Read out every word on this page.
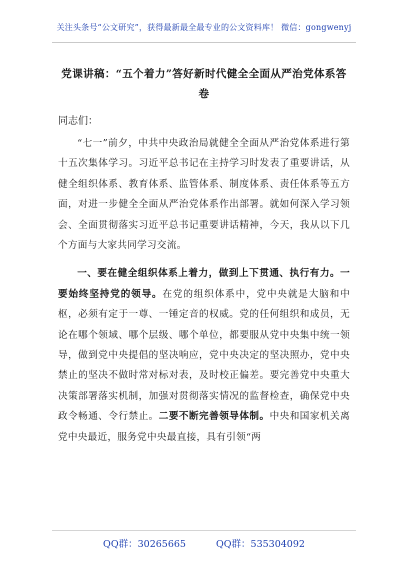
关注头条号“公文研究”，获得最新最全最专业的公文资料库！ 微信：gongwenyj
党课讲稿：“五个着力”答好新时代健全全面从严治党体系答卷
同志们：

“七一”前夕，中共中央政治局就健全全面从严治党体系进行第十五次集体学习。习近平总书记在主持学习时发表了重要讲话，从健全组织体系、教育体系、监管体系、制度体系、责任体系等五方面，对进一步健全全面从严治党体系作出部署。就如何深入学习领会、全面贯彻落实习近平总书记重要讲话精神，今天，我从以下几个方面与大家共同学习交流。

一、要在健全组织体系上着力，做到上下贯通、执行有力。一要始终坚持党的领导。在党的组织体系中，党中央就是大脑和中枢，必须有定于一尊、一锤定音的权威。党的任何组织和成员，无论在哪个领域、哪个层级、哪个单位，都要服从党中央集中统一领导，做到党中央提倡的坚决响应，党中央决定的坚决照办，党中央禁止的坚决不做时常对标对表，及时校正偏差。要完善党中央重大决策部署落实机制，加强对贯彻落实情况的监督检查，确保党中央政令畅通、令行禁止。二要不断完善领导体制。中央和国家机关离党中央最近，服务党中央最直接，具有引领“两

QQ群：30265665	QQ群：535304092
